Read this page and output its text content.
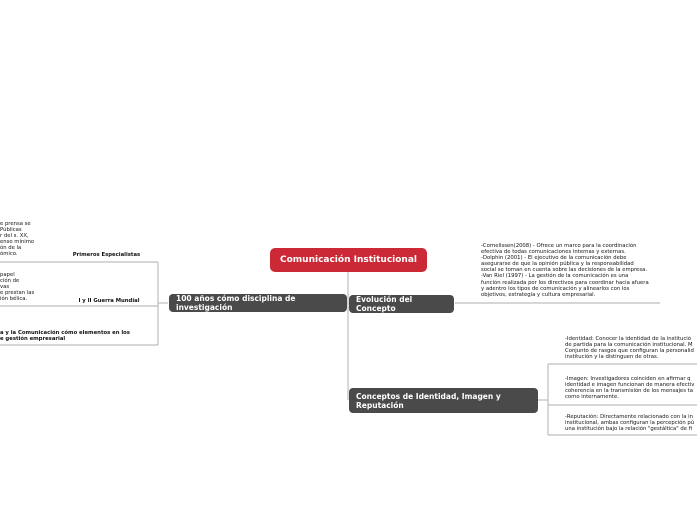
Comunicación Institucional
100 años cómo disciplina de investigación
Evolución del Concepto
Conceptos de Identidad, Imagen y Reputación
e prensa se
Públicas
r del s. XX,
enso mínimo
ón de la
ómico.	Primeros Especialistas
papel
ción de
vas
e prestan las
ión bélica.	I y II Guerra Mundial
a y la Comunicación cómo elementos en los
e gestión empresarial
-Cornelissen(2008) - Ofrece un marco para la coordinación
efectiva de todas comunicaciones internas y externas.
-Dolphin (2001) - El ejecutivo de la comunicación debe
asegurarse de que la opinión pública y la responsabilidad
social se toman en cuenta sobre las decisiones de la empresa.
-Van Riel (1997) - La gestión de la comunicación es una
función realizada por los directivos para coordinar hacia afuera
y adentro los tipos de comunicación y alinearlos con los
objetivos, estrategia y cultura empresarial.
-Identidad: Conocer la identidad de la institució
de partida para la comunicación institucional. M
Conjunto de rasgos que configuran la personalid
institución y la distinguen de otras.
-Imagen: Investigadores coinciden en afirmar q
identidad e imagen funcionan de manera efectiv
coherencia en la transmisión de los mensajes ta
como internamente.
-Reputación: Directamente relacionado con la in
institucional, ambas configuran la percepción pú
una institución bajo la relación "gestáltica" de fi
